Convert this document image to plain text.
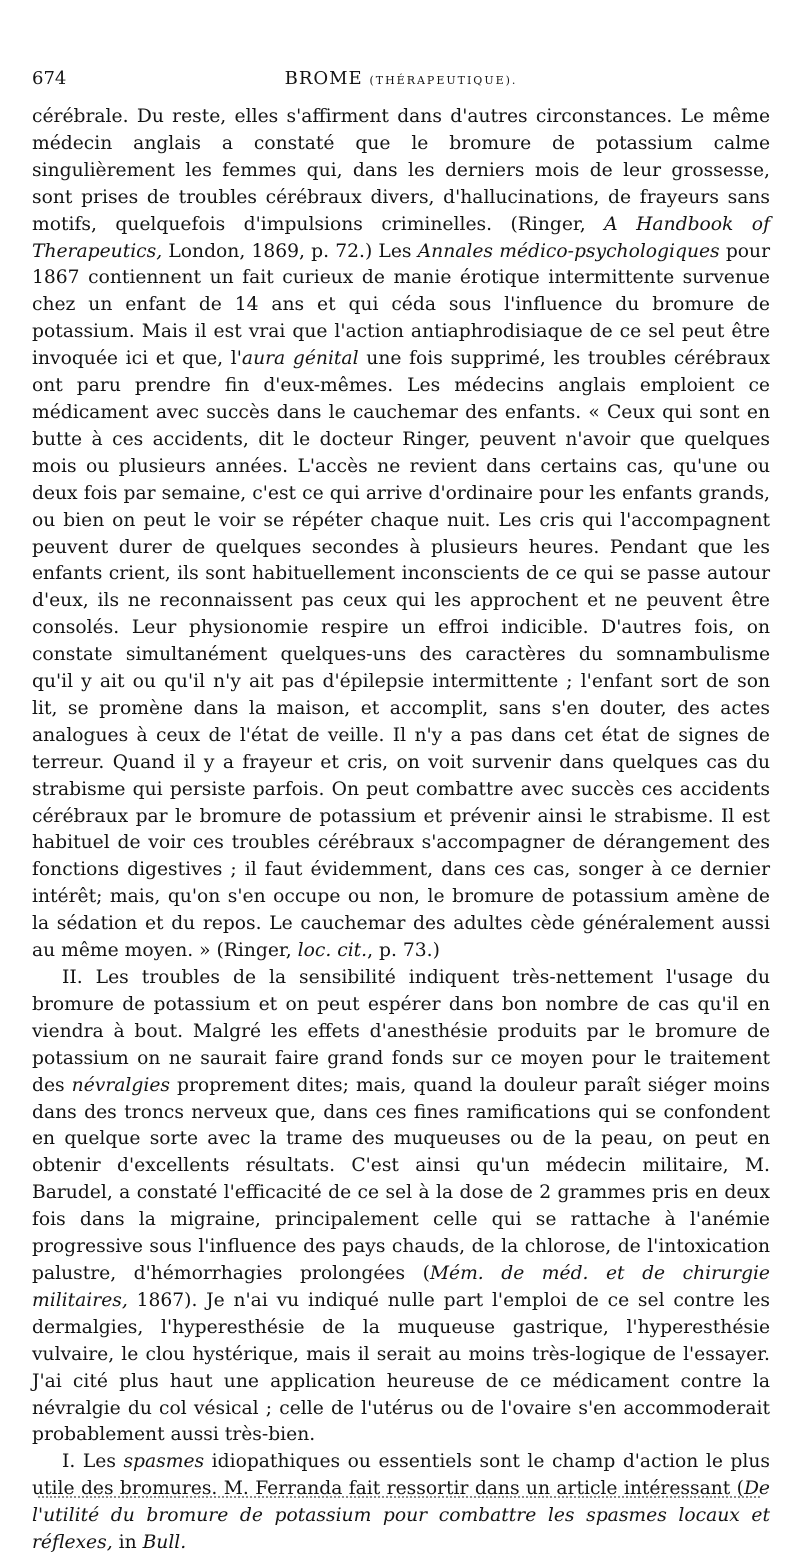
674	BROME (THÉRAPEUTIQUE).

cérébrale. Du reste, elles s'affirment dans d'autres circonstances. Le même médecin anglais a constaté que le bromure de potassium calme singulièrement les femmes qui, dans les derniers mois de leur grossesse, sont prises de troubles cérébraux divers, d'hallucinations, de frayeurs sans motifs, quelquefois d'impulsions criminelles. (Ringer, A Handbook of Therapeutics, London, 1869, p. 72.) Les Annales médico-psychologiques pour 1867 contiennent un fait curieux de manie érotique intermittente survenue chez un enfant de 14 ans et qui céda sous l'influence du bromure de potassium. Mais il est vrai que l'action antiaphrodisiaque de ce sel peut être invoquée ici et que, l'aura génital une fois supprimé, les troubles cérébraux ont paru prendre fin d'eux-mêmes. Les médecins anglais emploient ce médicament avec succès dans le cauchemar des enfants. « Ceux qui sont en butte à ces accidents, dit le docteur Ringer, peuvent n'avoir que quelques mois ou plusieurs années. L'accès ne revient dans certains cas, qu'une ou deux fois par semaine, c'est ce qui arrive d'ordinaire pour les enfants grands, ou bien on peut le voir se répéter chaque nuit. Les cris qui l'accompagnent peuvent durer de quelques secondes à plusieurs heures. Pendant que les enfants crient, ils sont habituellement inconscients de ce qui se passe autour d'eux, ils ne reconnaissent pas ceux qui les approchent et ne peuvent être consolés. Leur physionomie respire un effroi indicible. D'autres fois, on constate simultanément quelques-uns des caractères du somnambulisme qu'il y ait ou qu'il n'y ait pas d'épilepsie intermittente ; l'enfant sort de son lit, se promène dans la maison, et accomplit, sans s'en douter, des actes analogues à ceux de l'état de veille. Il n'y a pas dans cet état de signes de terreur. Quand il y a frayeur et cris, on voit survenir dans quelques cas du strabisme qui persiste parfois. On peut combattre avec succès ces accidents cérébraux par le bromure de potassium et prévenir ainsi le strabisme. Il est habituel de voir ces troubles cérébraux s'accompagner de dérangement des fonctions digestives ; il faut évidemment, dans ces cas, songer à ce dernier intérêt; mais, qu'on s'en occupe ou non, le bromure de potassium amène de la sédation et du repos. Le cauchemar des adultes cède généralement aussi au même moyen. » (Ringer, loc. cit., p. 73.)

II. Les troubles de la sensibilité indiquent très-nettement l'usage du bromure de potassium et on peut espérer dans bon nombre de cas qu'il en viendra à bout. Malgré les effets d'anesthésie produits par le bromure de potassium on ne saurait faire grand fonds sur ce moyen pour le traitement des névralgies proprement dites; mais, quand la douleur paraît siéger moins dans des troncs nerveux que, dans ces fines ramifications qui se confondent en quelque sorte avec la trame des muqueuses ou de la peau, on peut en obtenir d'excellents résultats. C'est ainsi qu'un médecin militaire, M. Barudel, a constaté l'efficacité de ce sel à la dose de 2 grammes pris en deux fois dans la migraine, principalement celle qui se rattache à l'anémie progressive sous l'influence des pays chauds, de la chlorose, de l'intoxication palustre, d'hémorrhagies prolongées (Mém. de méd. et de chirurgie militaires, 1867). Je n'ai vu indiqué nulle part l'emploi de ce sel contre les dermalgies, l'hyperesthésie de la muqueuse gastrique, l'hyperesthésie vulvaire, le clou hystérique, mais il serait au moins très-logique de l'essayer. J'ai cité plus haut une application heureuse de ce médicament contre la névralgie du col vésical ; celle de l'utérus ou de l'ovaire s'en accommoderait probablement aussi très-bien.

I. Les spasmes idiopathiques ou essentiels sont le champ d'action le plus utile des bromures. M. Ferranda fait ressortir dans un article intéressant (De l'utilité du bromure de potassium pour combattre les spasmes locaux et réflexes, in Bull.
